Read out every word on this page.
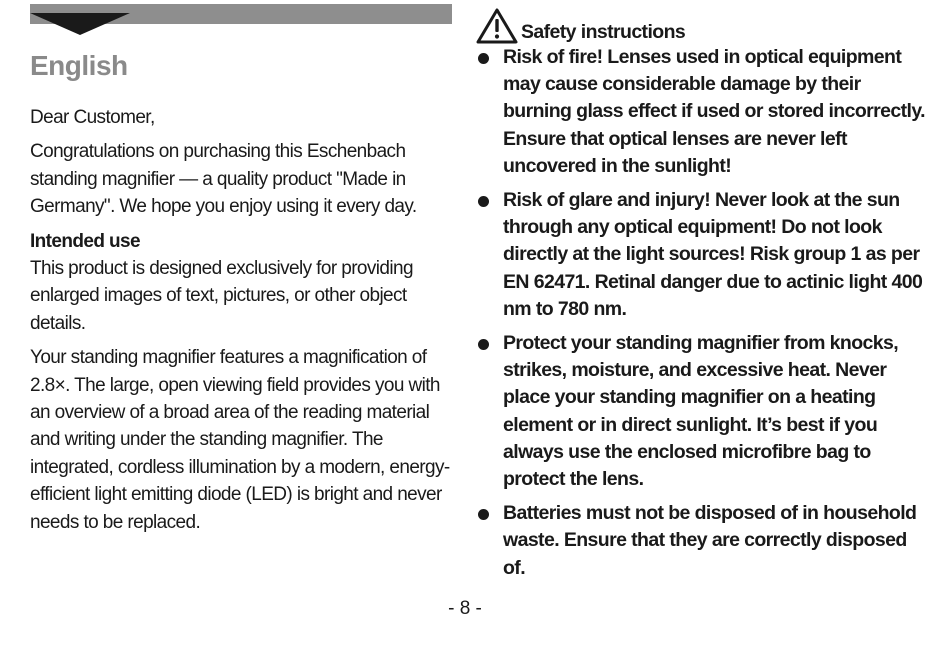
English

Dear Customer,

Congratulations on purchasing this Eschenbach standing magnifier — a quality product "Made in Germany". We hope you enjoy using it every day.

Intended use

This product is designed exclusively for providing enlarged images of text, pictures, or other object details.

Your standing magnifier features a magnification of 2.8×. The large, open viewing field provides you with an overview of a broad area of the reading material and writing under the standing magnifier. The integrated, cordless illumination by a modern, energy-efficient light emitting diode (LED) is bright and never needs to be replaced.

Safety instructions
Risk of fire! Lenses used in optical equipment may cause considerable damage by their burning glass effect if used or stored incorrectly. Ensure that optical lenses are never left uncovered in the sunlight!
Risk of glare and injury! Never look at the sun through any optical equipment! Do not look directly at the light sources! Risk group 1 as per EN 62471. Retinal danger due to actinic light 400 nm to 780 nm.
Protect your standing magnifier from knocks, strikes, moisture, and excessive heat. Never place your standing magnifier on a heating element or in direct sunlight. It’s best if you always use the enclosed microfibre bag to protect the lens.
Batteries must not be disposed of in household waste. Ensure that they are correctly disposed of.
- 8 -
